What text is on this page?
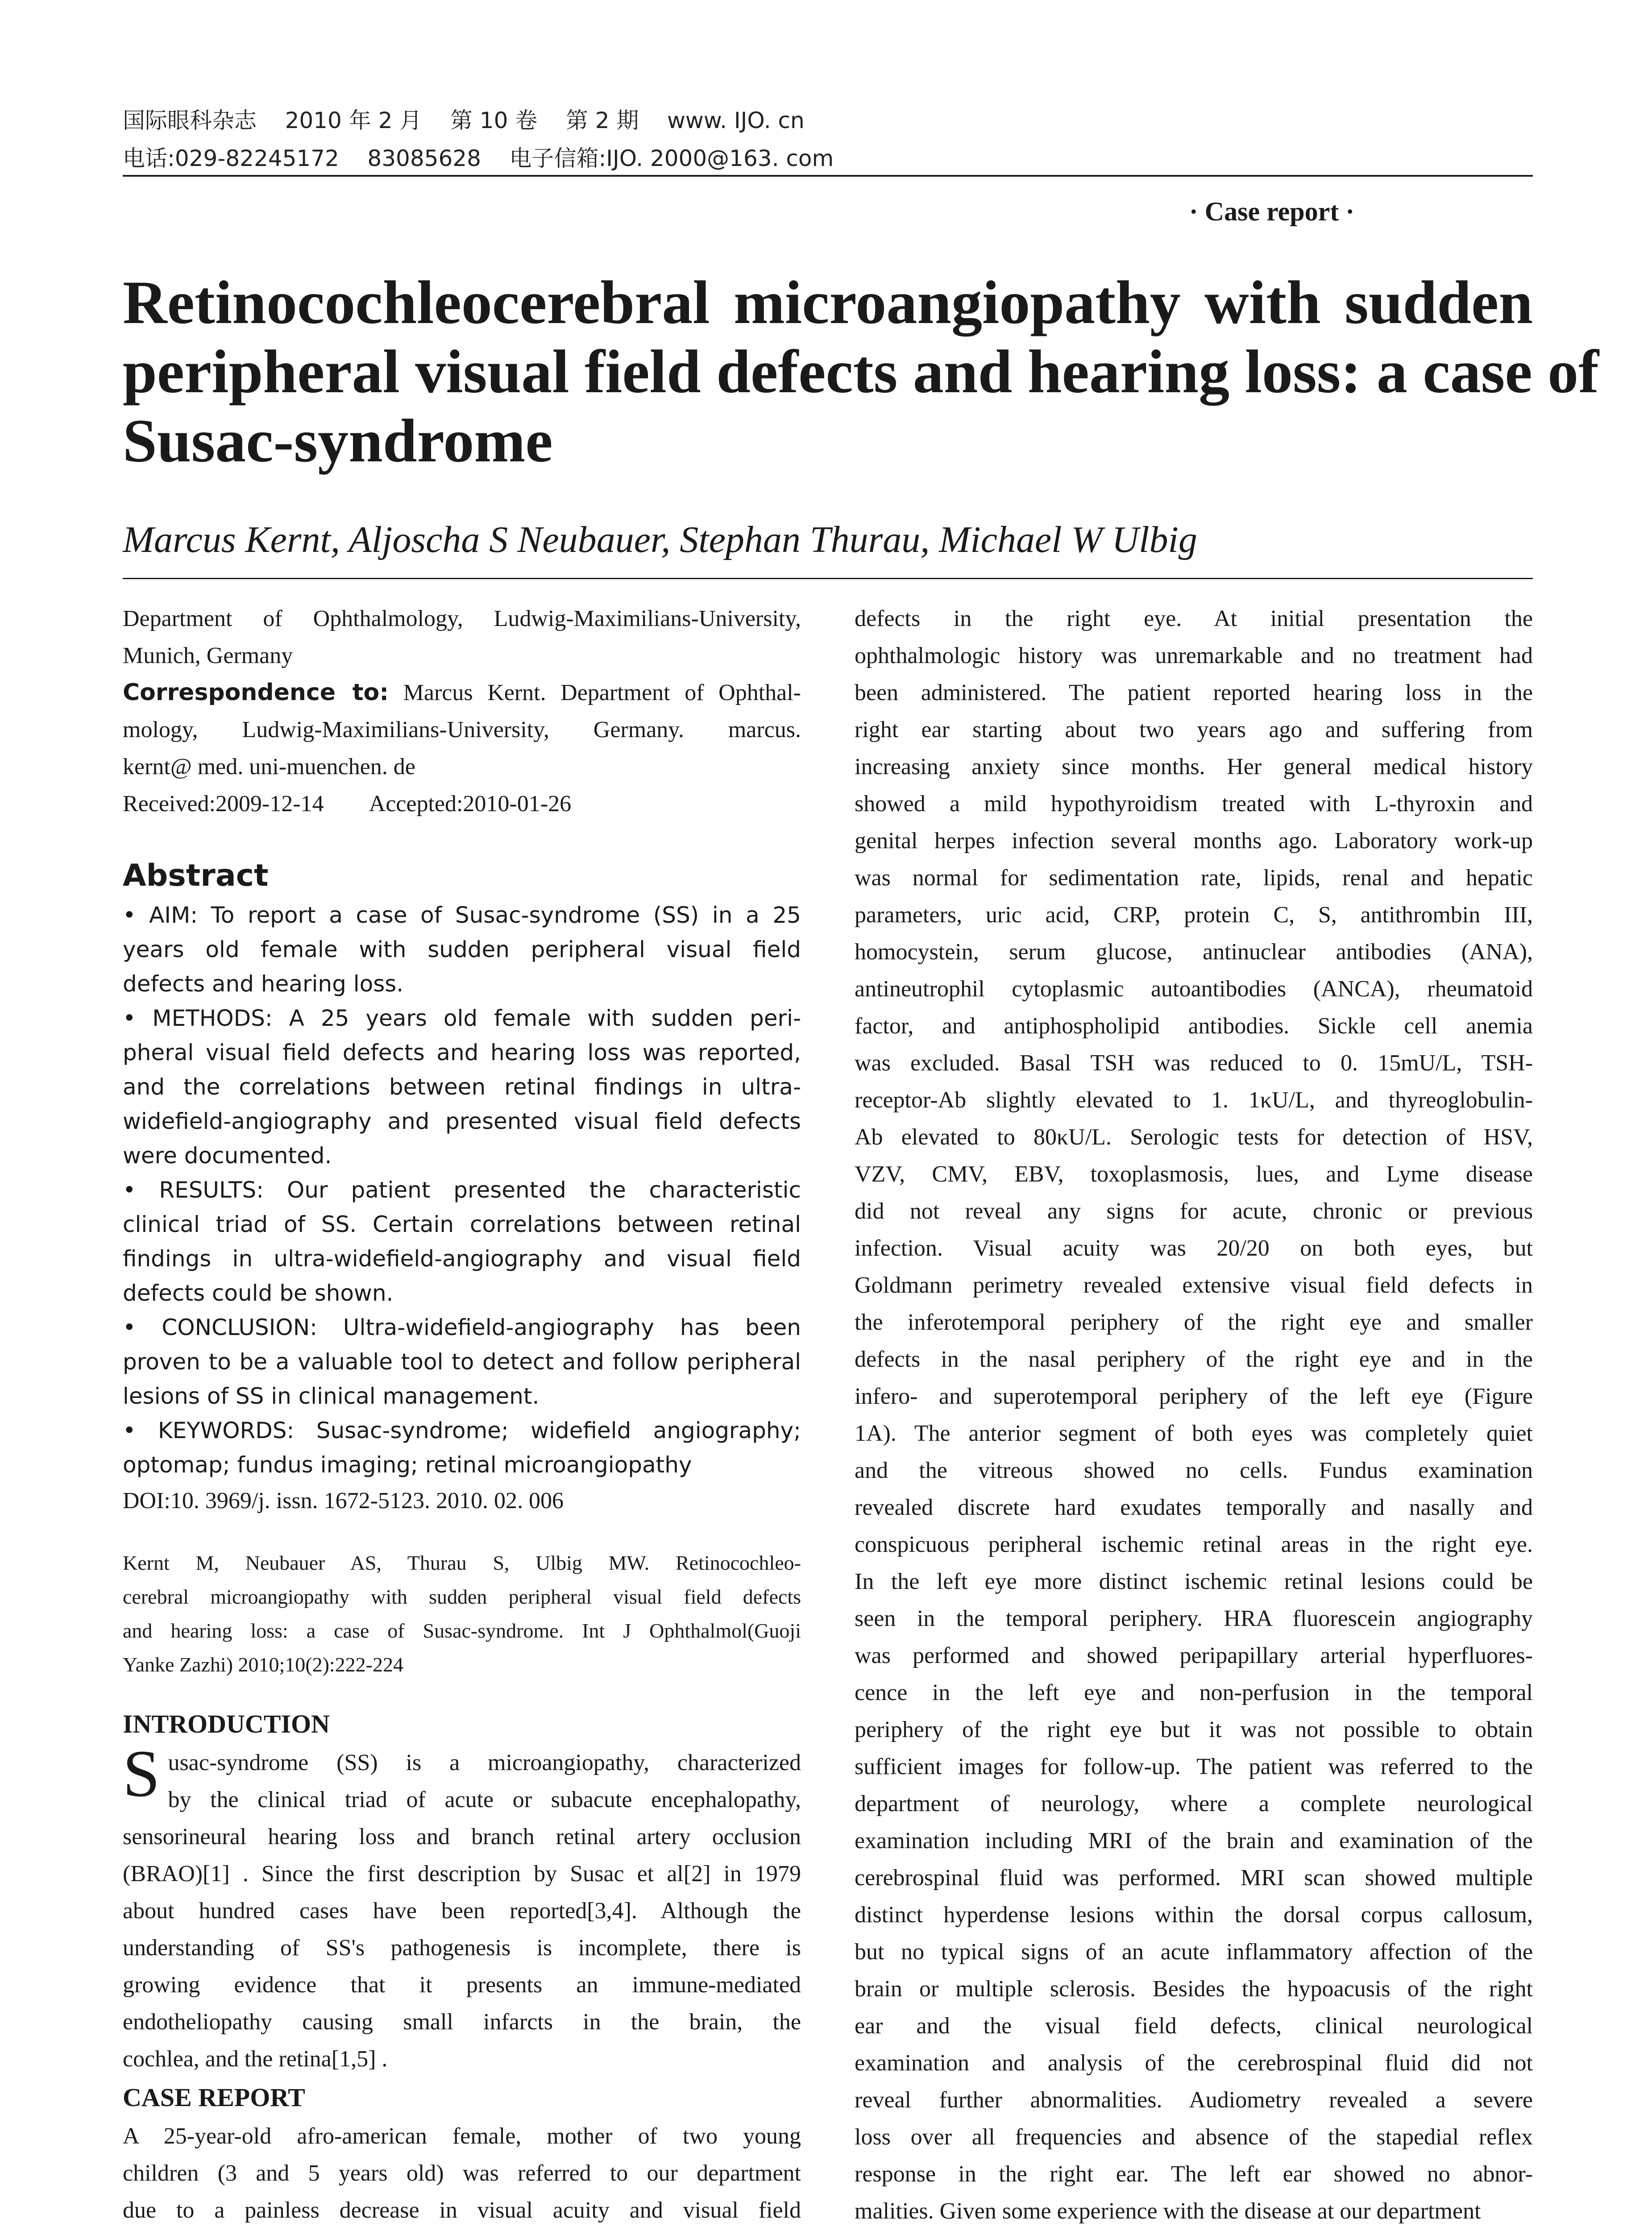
国际眼科杂志    2010 年 2 月    第 10 卷    第 2 期    www. IJO. cn
电话:029-82245172    83085628    电子信箱:IJO. 2000@163. com
· Case report ·
Retinocochleocerebral microangiopathy with sudden
peripheral visual field defects and hearing loss: a case of
Susac-syndrome
Marcus Kernt, Aljoscha S Neubauer, Stephan Thurau, Michael W Ulbig
Department of Ophthalmology, Ludwig-Maximilians-University,
Munich, Germany
Correspondence to: Marcus Kernt. Department of Ophthal-
mology, Ludwig-Maximilians-University, Germany. marcus.
kernt@ med. uni-muenchen. de
Received:2009-12-14        Accepted:2010-01-26
Abstract
• AIM: To report a case of Susac-syndrome (SS) in a 25
years old female with sudden peripheral visual field
defects and hearing loss.
• METHODS: A 25 years old female with sudden peri-
pheral visual field defects and hearing loss was reported,
and the correlations between retinal findings in ultra-
widefield-angiography and presented visual field defects
were documented.
• RESULTS: Our patient presented the characteristic
clinical triad of SS. Certain correlations between retinal
findings in ultra-widefield-angiography and visual field
defects could be shown.
• CONCLUSION: Ultra-widefield-angiography has been
proven to be a valuable tool to detect and follow peripheral
lesions of SS in clinical management.
• KEYWORDS: Susac-syndrome; widefield angiography;
optomap; fundus imaging; retinal microangiopathy
DOI:10. 3969/j. issn. 1672-5123. 2010. 02. 006
Kernt M, Neubauer AS, Thurau S, Ulbig MW. Retinocochleo-
cerebral microangiopathy with sudden peripheral visual field defects
and hearing loss: a case of Susac-syndrome. Int J Ophthalmol(Guoji
Yanke Zazhi) 2010;10(2):222-224
INTRODUCTION
S usac-syndrome (SS) is a microangiopathy, characterized
by the clinical triad of acute or subacute encephalopathy,
sensorineural hearing loss and branch retinal artery occlusion
(BRAO)[1] . Since the first description by Susac et al[2] in 1979
about hundred cases have been reported[3,4]. Although the
understanding of SS's pathogenesis is incomplete, there is
growing evidence that it presents an immune-mediated
endotheliopathy causing small infarcts in the brain, the
cochlea, and the retina[1,5] .
CASE REPORT
A 25-year-old afro-american female, mother of two young
children (3 and 5 years old) was referred to our department
due to a painless decrease in visual acuity and visual field
defects in the right eye. At initial presentation the
ophthalmologic history was unremarkable and no treatment had
been administered. The patient reported hearing loss in the
right ear starting about two years ago and suffering from
increasing anxiety since months. Her general medical history
showed a mild hypothyroidism treated with L-thyroxin and
genital herpes infection several months ago. Laboratory work-up
was normal for sedimentation rate, lipids, renal and hepatic
parameters, uric acid, CRP, protein C, S, antithrombin III,
homocystein, serum glucose, antinuclear antibodies (ANA),
antineutrophil cytoplasmic autoantibodies (ANCA), rheumatoid
factor, and antiphospholipid antibodies. Sickle cell anemia
was excluded. Basal TSH was reduced to 0. 15mU/L, TSH-
receptor-Ab slightly elevated to 1. 1κU/L, and thyreoglobulin-
Ab elevated to 80κU/L. Serologic tests for detection of HSV,
VZV, CMV, EBV, toxoplasmosis, lues, and Lyme disease
did not reveal any signs for acute, chronic or previous
infection. Visual acuity was 20/20 on both eyes, but
Goldmann perimetry revealed extensive visual field defects in
the inferotemporal periphery of the right eye and smaller
defects in the nasal periphery of the right eye and in the
infero- and superotemporal periphery of the left eye (Figure
1A). The anterior segment of both eyes was completely quiet
and the vitreous showed no cells. Fundus examination
revealed discrete hard exudates temporally and nasally and
conspicuous peripheral ischemic retinal areas in the right eye.
In the left eye more distinct ischemic retinal lesions could be
seen in the temporal periphery. HRA fluorescein angiography
was performed and showed peripapillary arterial hyperfluores-
cence in the left eye and non-perfusion in the temporal
periphery of the right eye but it was not possible to obtain
sufficient images for follow-up. The patient was referred to the
department of neurology, where a complete neurological
examination including MRI of the brain and examination of the
cerebrospinal fluid was performed. MRI scan showed multiple
distinct hyperdense lesions within the dorsal corpus callosum,
but no typical signs of an acute inflammatory affection of the
brain or multiple sclerosis. Besides the hypoacusis of the right
ear and the visual field defects, clinical neurological
examination and analysis of the cerebrospinal fluid did not
reveal further abnormalities. Audiometry revealed a severe
loss over all frequencies and absence of the stapedial reflex
response in the right ear. The left ear showed no abnor-
malities. Given some experience with the disease at our department
